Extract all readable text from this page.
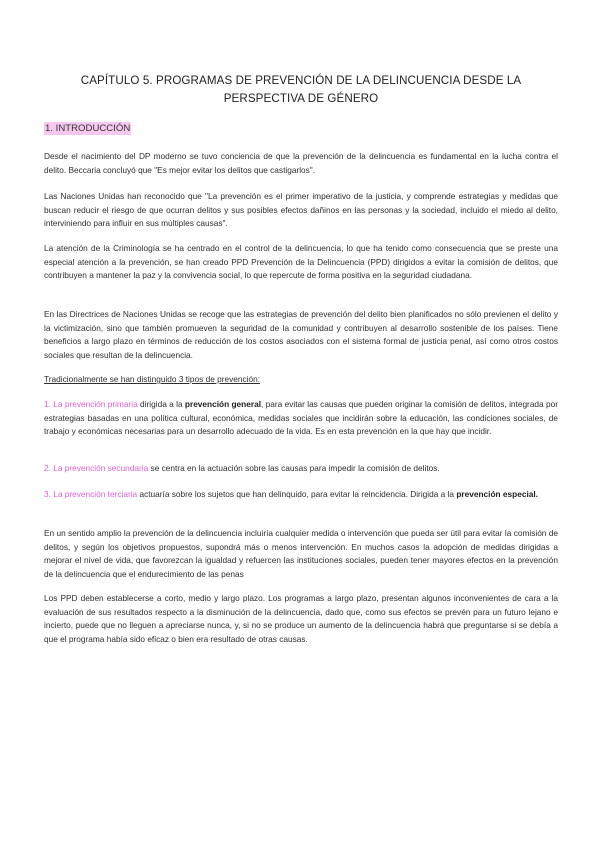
CAPÍTULO 5. PROGRAMAS DE PREVENCIÓN DE LA DELINCUENCIA DESDE LA
PERSPECTIVA DE GÉNERO
1. INTRODUCCIÓN

Desde el nacimiento del DP moderno se tuvo conciencia de que la prevención de la delincuencia es fundamental en la lucha contra el delito. Beccaria concluyó que "Es mejor evitar los delitos que castigarlos".

Las Naciones Unidas han reconocido que "La prevención es el primer imperativo de la justicia, y comprende estrategias y medidas que buscan reducir el riesgo de que ocurran delitos y sus posibles efectos dañinos en las personas y la sociedad, incluido el miedo al delito, interviniendo para influir en sus múltiples causas".

La atención de la Criminología se ha centrado en el control de la delincuencia, lo que ha tenido como consecuencia que se preste una especial atención a la prevención, se han creado PPD Prevención de la Delincuencia (PPD) dirigidos a evitar la comisión de delitos, que contribuyen a mantener la paz y la convivencia social, lo que repercute de forma positiva en la seguridad ciudadana.

En las Directrices de Naciones Unidas se recoge que las estrategias de prevención del delito bien planificados no sólo previenen el delito y la victimización, sino que también promueven la seguridad de la comunidad y contribuyen al desarrollo sostenible de los países. Tiene beneficios a largo plazo en términos de reducción de los costos asociados con el sistema formal de justicia penal, así como otros costos sociales que resultan de la delincuencia.

Tradicionalmente se han distinguido 3 tipos de prevención:

1. La prevención primaria dirigida a la prevención general, para evitar las causas que pueden originar la comisión de delitos, integrada por estrategias basadas en una política cultural, económica, medidas sociales que incidirán sobre la educación, las condiciones sociales, de trabajo y económicas necesarias para un desarrollo adecuado de la vida. Es en esta prevención en la que hay que incidir.

2. La prevención secundaria se centra en la actuación sobre las causas para impedir la comisión de delitos.

3. La prevención terciaria actuaría sobre los sujetos que han delinquido, para evitar la reincidencia. Dirigida a la prevención especial.

En un sentido amplio la prevención de la delincuencia incluiría cualquier medida o intervención que pueda ser útil para evitar la comisión de delitos, y según los objetivos propuestos, supondrá más o menos intervención. En muchos casos la adopción de medidas dirigidas a mejorar el nivel de vida, que favorezcan la igualdad y refuercen las instituciones sociales, pueden tener mayores efectos en la prevención de la delincuencia que el endurecimiento de las penas

Los PPD deben establecerse a corto, medio y largo plazo. Los programas a largo plazo, presentan algunos inconvenientes de cara a la evaluación de sus resultados respecto a la disminución de la delincuencia, dado que, como sus efectos se prevén para un futuro lejano e incierto, puede que no lleguen a apreciarse nunca, y, si no se produce un aumento de la delincuencia habrá que preguntarse si se debía a que el programa había sido eficaz o bien era resultado de otras causas.
